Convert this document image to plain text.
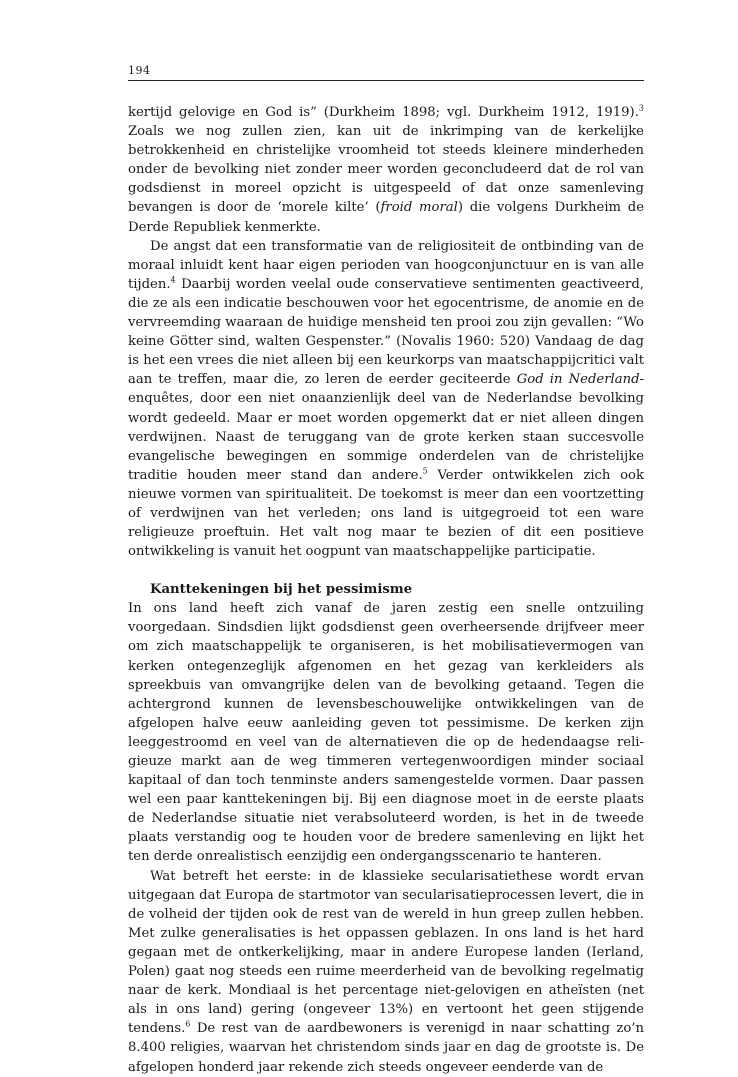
194

kertijd gelovige en God is” (Durkheim 1898; vgl. Durkheim 1912, 1919).$^3$ Zoals we nog zullen zien, kan uit de inkrimping van de kerkelijke betrokkenheid en christelijke vroomheid tot steeds kleinere minderheden onder de bevolking niet zonder meer worden geconcludeerd dat de rol van godsdienst in moreel opzicht is uitgespeeld of dat onze samenleving bevangen is door de ‘morele kilte’ (froid moral) die volgens Durkheim de Derde Republiek kenmerkte.

De angst dat een transformatie van de religiositeit de ontbinding van de moraal inluidt kent haar eigen perioden van hoogconjunctuur en is van alle tijden.$^4$ Daarbij worden veelal oude conservatieve sentimenten geactiveerd, die ze als een indicatie beschouwen voor het egocentrisme, de anomie en de vervreemding waaraan de huidige mensheid ten prooi zou zijn gevallen: “Wo keine Götter sind, walten Gespenster.” (Novalis 1960: 520) Vandaag de dag is het een vrees die niet alleen bij een keurkorps van maatschappijcritici valt aan te treffen, maar die, zo leren de eerder geciteerde God in Nederland-enquêtes, door een niet onaanzienlijk deel van de Nederlandse bevolking wordt gedeeld. Maar er moet worden opgemerkt dat er niet alleen dingen verdwijnen. Naast de teruggang van de grote kerken staan succesvolle evangelische bewegingen en sommige onderdelen van de christelijke traditie houden meer stand dan andere.$^5$ Verder ontwikkelen zich ook nieuwe vormen van spiritualiteit. De toekomst is meer dan een voortzetting of verdwijnen van het verleden; ons land is uitgegroeid tot een ware religieuze proeftuin. Het valt nog maar te bezien of dit een positieve ontwikkeling is vanuit het oogpunt van maatschappelijke participatie.

Kanttekeningen bij het pessimisme

In ons land heeft zich vanaf de jaren zestig een snelle ontzuiling voorgedaan. Sindsdien lijkt godsdienst geen overheersende drijfveer meer om zich maatschappelijk te organiseren, is het mobilisatievermogen van kerken ontegenzeglijk afgenomen en het gezag van kerkleiders als spreekbuis van omvangrijke delen van de bevolking getaand. Tegen die achtergrond kunnen de levensbeschouwelijke ontwikkelingen van de afgelopen halve eeuw aanleiding geven tot pessimisme. De kerken zijn leeggestroomd en veel van de alternatieven die op de hedendaagse religieuze markt aan de weg timmeren vertegenwoordigen minder sociaal kapitaal of dan toch tenminste anders samengestelde vormen. Daar passen wel een paar kanttekeningen bij. Bij een diagnose moet in de eerste plaats de Nederlandse situatie niet verabsoluteerd worden, is het in de tweede plaats verstandig oog te houden voor de bredere samenleving en lijkt het ten derde onrealistisch eenzijdig een ondergangsscenario te hanteren.

Wat betreft het eerste: in de klassieke secularisatiethese wordt ervan uitgegaan dat Europa de startmotor van secularisatieprocessen levert, die in de volheid der tijden ook de rest van de wereld in hun greep zullen hebben. Met zulke generalisaties is het oppassen geblazen. In ons land is het hard gegaan met de ontkerkelijking, maar in andere Europese landen (Ierland, Polen) gaat nog steeds een ruime meerderheid van de bevolking regelmatig naar de kerk. Mondiaal is het percentage niet-gelovigen en atheïsten (net als in ons land) gering (ongeveer 13%) en vertoont het geen stijgende tendens.$^6$ De rest van de aardbewoners is verenigd in naar schatting zo’n 8.400 religies, waarvan het christendom sinds jaar en dag de grootste is. De afgelopen honderd jaar rekende zich steeds ongeveer eenderde van de
